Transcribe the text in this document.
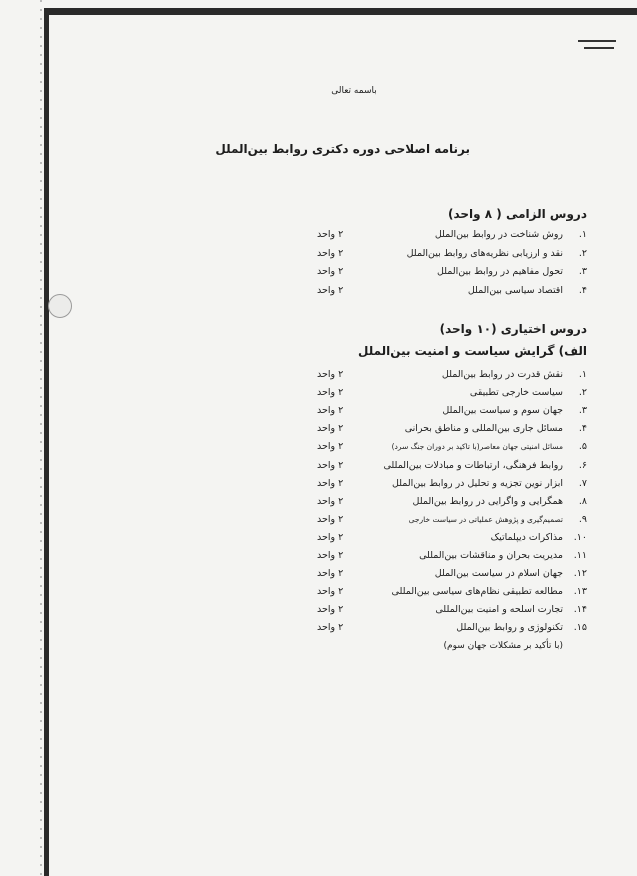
باسمه تعالی
برنامه اصلاحی دوره دکتری روابط بین‌الملل
دروس الزامی ( ۸ واحد)
۱.
روش شناخت در روابط بین‌الملل
۲ واحد
۲.
نقد و ارزیابی نظریه‌های روابط بین‌الملل
۲ واحد
۳.
تحول مفاهیم در روابط بین‌الملل
۲ واحد
۴.
اقتصاد سیاسی بین‌الملل
۲ واحد
دروس اختیاری (۱۰ واحد)
الف) گرایش سیاست و امنیت بین‌الملل
۱.
نقش قدرت در روابط بین‌الملل
۲ واحد
۲.
سیاست خارجی تطبیقی
۲ واحد
۳.
جهان سوم و سیاست بین‌الملل
۲ واحد
۴.
مسائل جاری بین‌المللی و مناطق بحرانی
۲ واحد
۵.
مسائل امنیتی جهان معاصر(با تاکید بر دوران جنگ سرد)
۲ واحد
۶.
روابط فرهنگی، ارتباطات و مبادلات بین‌المللی
۲ واحد
۷.
ابزار نوین تجزیه و تحلیل در روابط بین‌الملل
۲ واحد
۸.
همگرایی و واگرایی در روابط بین‌الملل
۲ واحد
۹.
تصمیم‌گیری و پژوهش عملیاتی در سیاست خارجی
۲ واحد
۱۰.
مذاکرات دیپلماتیک
۲ واحد
۱۱.
مدیریت بحران و مناقشات بین‌المللی
۲ واحد
۱۲.
جهان اسلام در سیاست بین‌الملل
۲ واحد
۱۳.
مطالعه تطبیقی نظام‌های سیاسی بین‌المللی
۲ واحد
۱۴.
تجارت اسلحه و امنیت بین‌المللی
۲ واحد
۱۵.
تکنولوژی و روابط بین‌الملل
۲ واحد
(با تأکید بر مشکلات جهان سوم)
